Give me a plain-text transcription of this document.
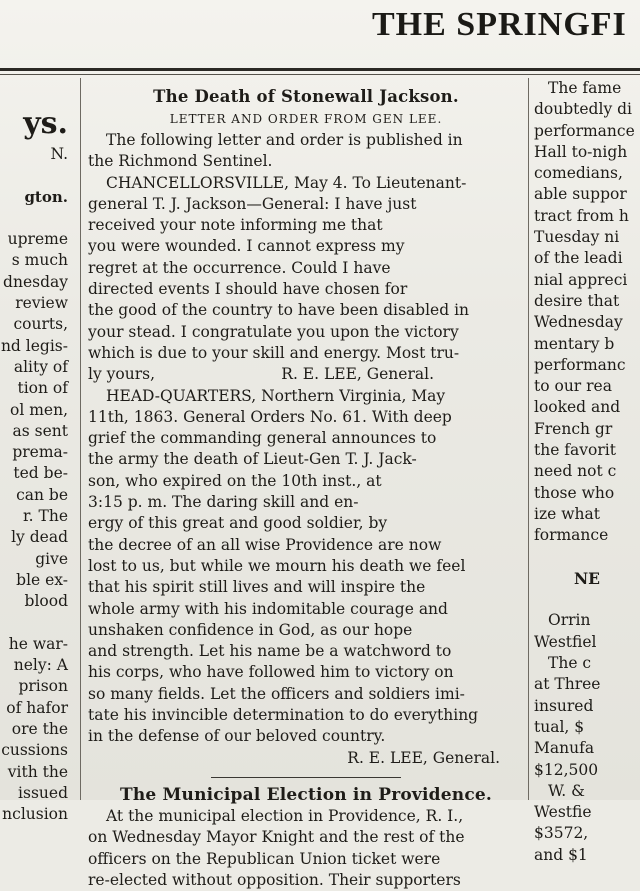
THE SPRINGFI
ys.
N.

gton.

upreme
s much
dnesday
review
courts,
nd legis-
ality of
tion of
ol men,
as sent
prema-
ted be-
can be
r. The
ly dead
give
ble ex-
blood

he war-
nely: A
prison
of hafor
ore the
cussions
vith the
issued
nclusion
The Death of Stonewall Jackson.
LETTER AND ORDER FROM GEN LEE.
The following letter and order is published in
the Richmond Sentinel.
CHANCELLORSVILLE, May 4. To Lieutenant-
general T. J. Jackson—General: I have just
received your note informing me that
you were wounded. I cannot express my
regret at the occurrence. Could I have
directed events I should have chosen for
the good of the country to have been disabled in
your stead. I congratulate you upon the victory
which is due to your skill and energy. Most tru-
ly yours,	R. E. LEE, General.
HEAD-QUARTERS, Northern Virginia, May
11th, 1863. General Orders No. 61. With deep
grief the commanding general announces to
the army the death of Lieut-Gen T. J. Jack-
son, who expired on the 10th inst., at
3:15 p. m. The daring skill and en-
ergy of this great and good soldier, by
the decree of an all wise Providence are now
lost to us, but while we mourn his death we feel
that his spirit still lives and will inspire the
whole army with his indomitable courage and
unshaken confidence in God, as our hope
and strength. Let his name be a watchword to
his corps, who have followed him to victory on
so many fields. Let the officers and soldiers imi-
tate his invincible determination to do everything
in the defense of our beloved country.
R. E. LEE, General.
The Municipal Election in Providence.
At the municipal election in Providence, R. I.,
on Wednesday Mayor Knight and the rest of the
officers on the Republican Union ticket were
re-elected without opposition. Their supporters
The fame
doubtedly di
performance
Hall to-nigh
comedians,
able suppor
tract from h
Tuesday ni
of the leadi
nial appreci
desire that
Wednesday
mentary b
performanc
to our rea
looked and
French gr
the favorit
need not c
those who
ize what
formance

NE

Orrin
Westfiel
The c
at Three
insured
tual, $
Manufa
$12,500
W. &
Westfie
$3572,
and $1
